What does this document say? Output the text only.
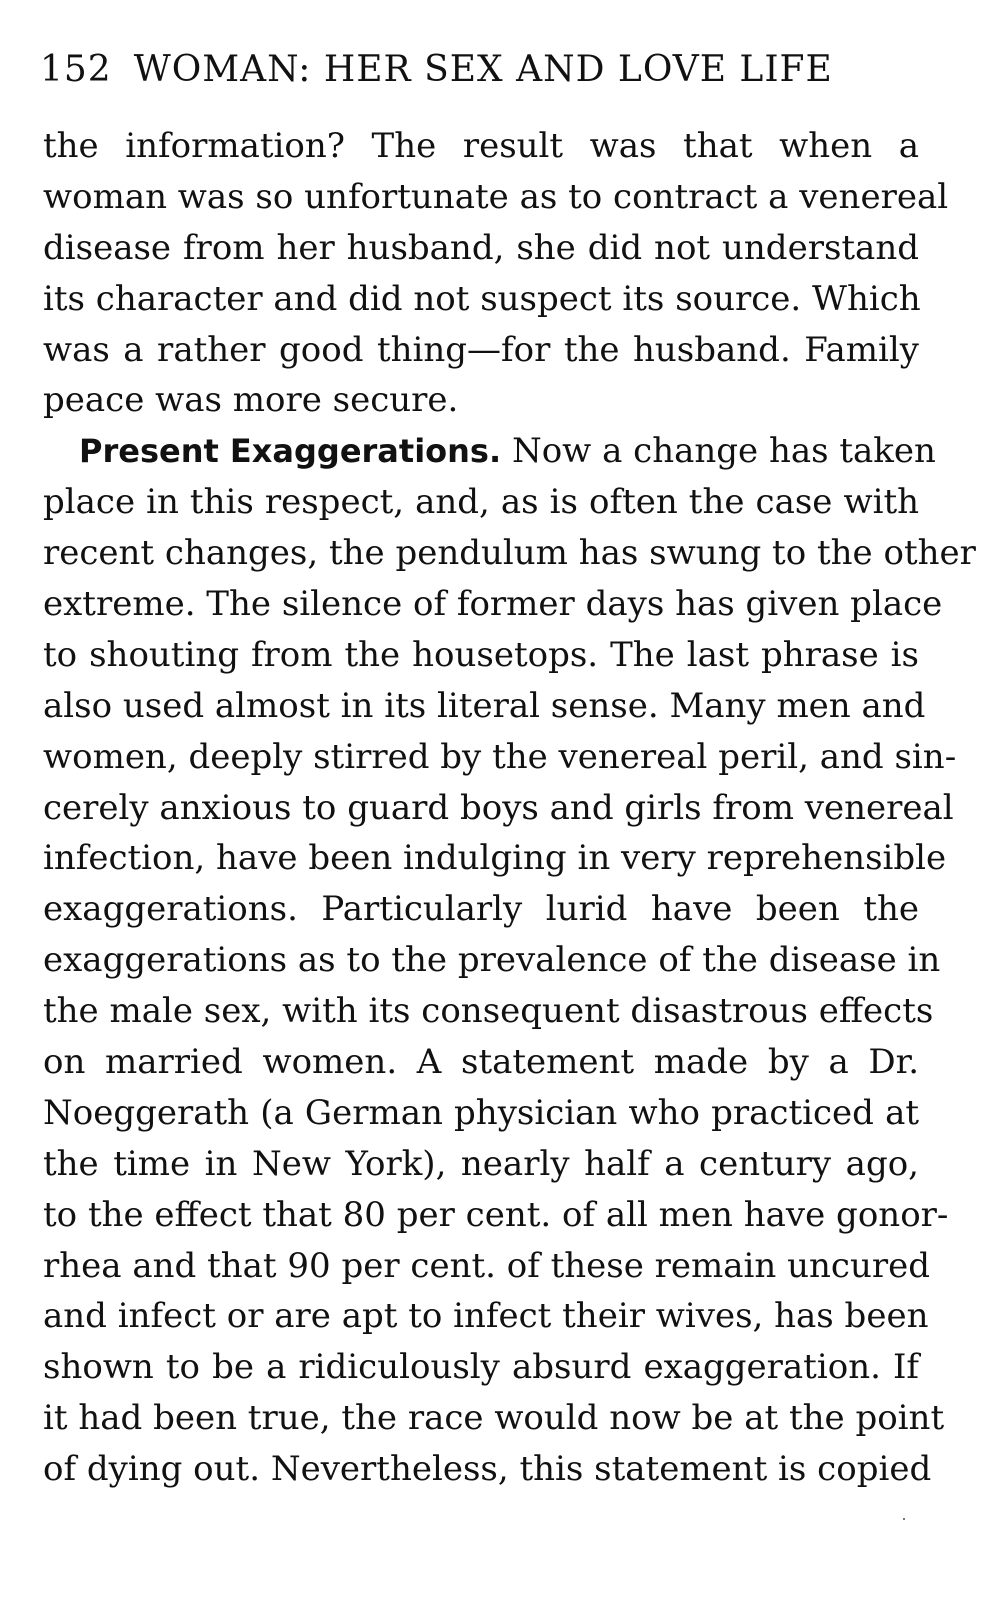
152 WOMAN: HER SEX AND LOVE LIFE
the information? The result was that when a
woman was so unfortunate as to contract a venereal
disease from her husband, she did not understand
its character and did not suspect its source. Which
was a rather good thing—for the husband. Family
peace was more secure.
Present Exaggerations. Now a change has taken
place in this respect, and, as is often the case with
recent changes, the pendulum has swung to the other
extreme. The silence of former days has given place
to shouting from the housetops. The last phrase is
also used almost in its literal sense. Many men and
women, deeply stirred by the venereal peril, and sin-
cerely anxious to guard boys and girls from venereal
infection, have been indulging in very reprehensible
exaggerations. Particularly lurid have been the
exaggerations as to the prevalence of the disease in
the male sex, with its consequent disastrous effects
on married women. A statement made by a Dr.
Noeggerath (a German physician who practiced at
the time in New York), nearly half a century ago,
to the effect that 80 per cent. of all men have gonor-
rhea and that 90 per cent. of these remain uncured
and infect or are apt to infect their wives, has been
shown to be a ridiculously absurd exaggeration. If
it had been true, the race would now be at the point
of dying out. Nevertheless, this statement is copied
